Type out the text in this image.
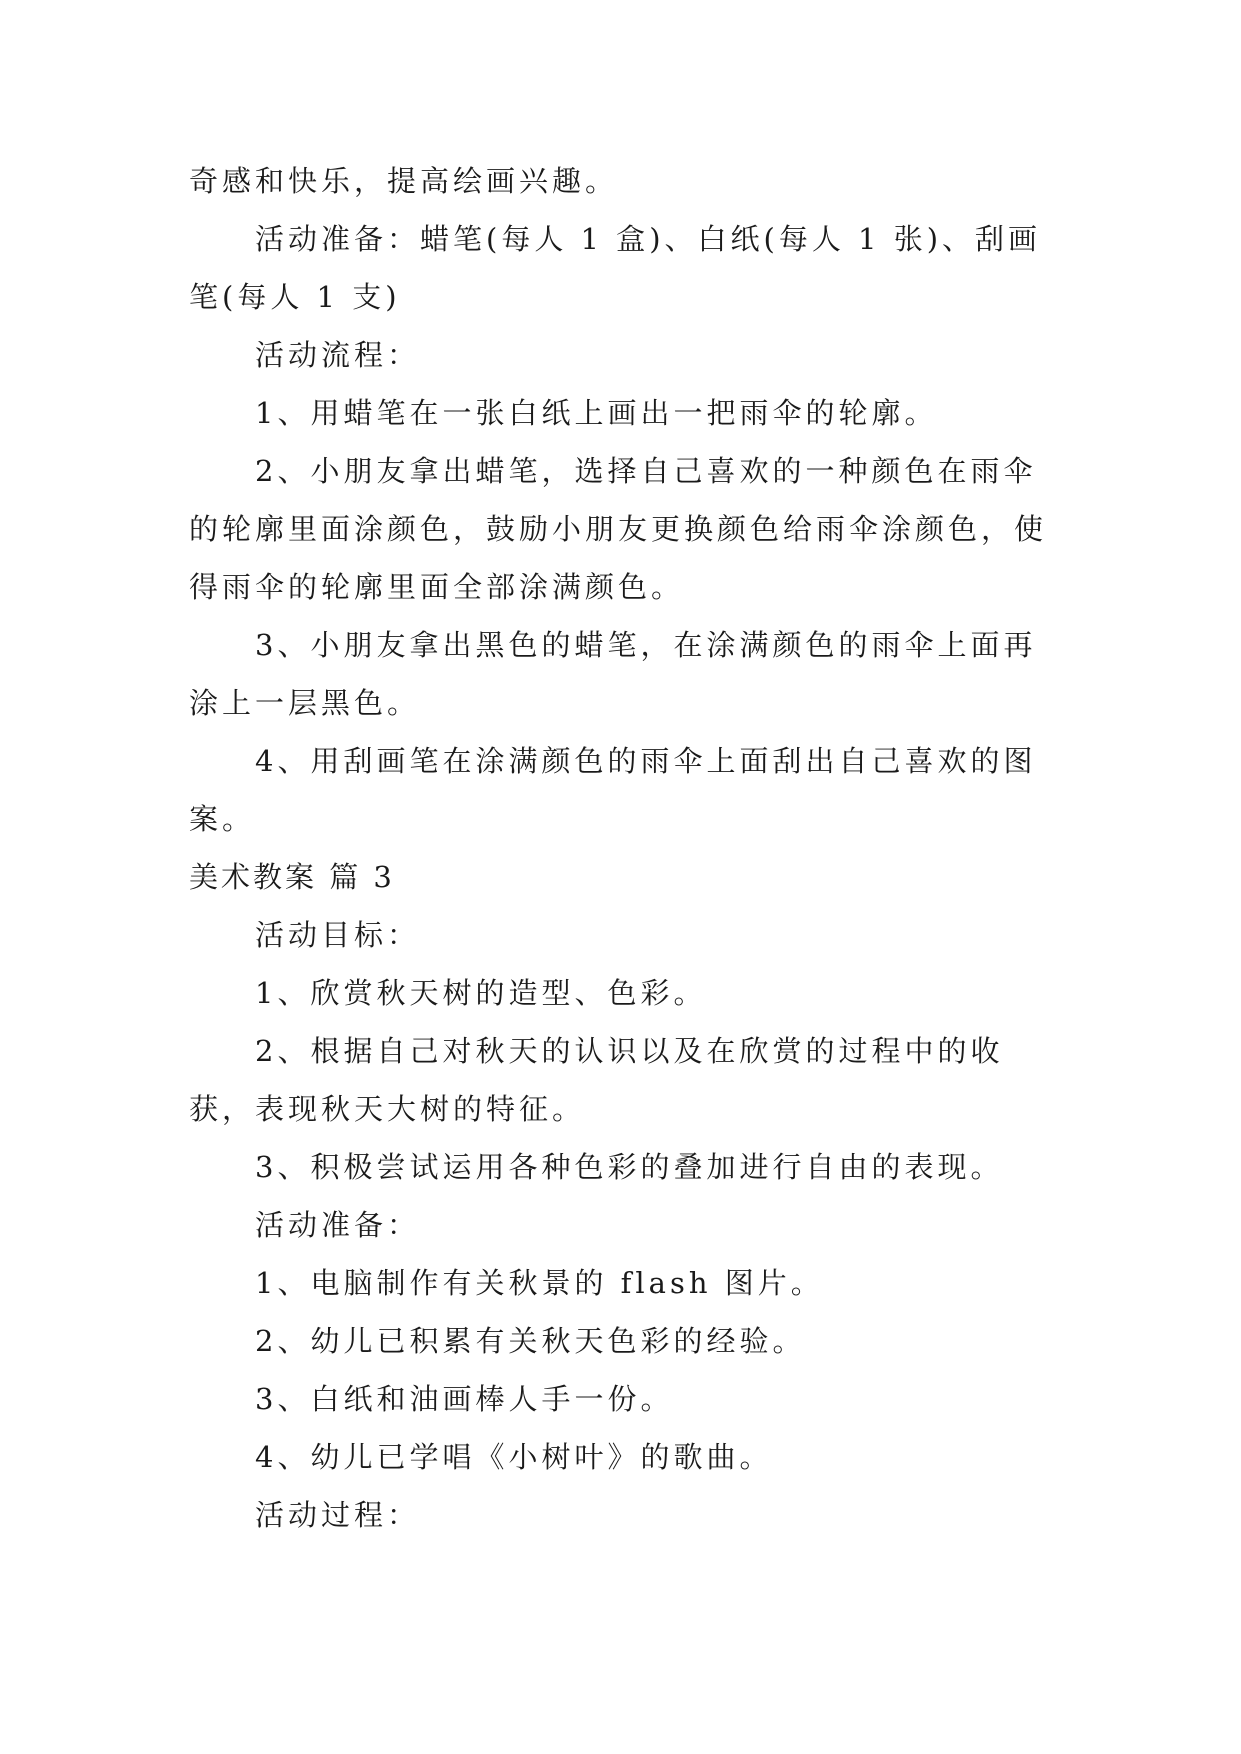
奇感和快乐，提高绘画兴趣。

活动准备：蜡笔(每人 1 盒)、白纸(每人 1 张)、刮画笔(每人 1 支)

活动流程：

1、用蜡笔在一张白纸上画出一把雨伞的轮廓。

2、小朋友拿出蜡笔，选择自己喜欢的一种颜色在雨伞的轮廓里面涂颜色，鼓励小朋友更换颜色给雨伞涂颜色，使得雨伞的轮廓里面全部涂满颜色。

3、小朋友拿出黑色的蜡笔，在涂满颜色的雨伞上面再涂上一层黑色。

4、用刮画笔在涂满颜色的雨伞上面刮出自己喜欢的图案。

美术教案 篇 3

活动目标：

1、欣赏秋天树的造型、色彩。

2、根据自己对秋天的认识以及在欣赏的过程中的收获，表现秋天大树的特征。

3、积极尝试运用各种色彩的叠加进行自由的表现。

活动准备：

1、电脑制作有关秋景的 flash 图片。

2、幼儿已积累有关秋天色彩的经验。

3、白纸和油画棒人手一份。

4、幼儿已学唱《小树叶》的歌曲。

活动过程：
